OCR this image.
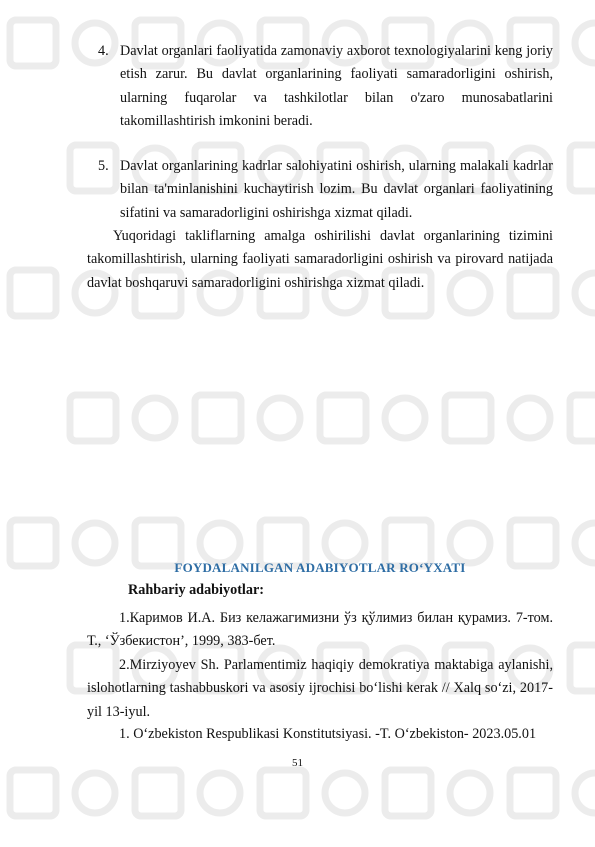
4. Davlat organlari faoliyatida zamonaviy axborot texnologiyalarini keng joriy etish zarur. Bu davlat organlarining faoliyati samaradorligini oshirish, ularning fuqarolar va tashkilotlar bilan o'zaro munosabatlarini takomillashtirish imkonini beradi.
5. Davlat organlarining kadrlar salohiyatini oshirish, ularning malakali kadrlar bilan ta'minlanishini kuchaytirish lozim. Bu davlat organlari faoliyatining sifatini va samaradorligini oshirishga xizmat qiladi.

Yuqoridagi takliflarning amalga oshirilishi davlat organlarining tizimini takomillashtirish, ularning faoliyati samaradorligini oshirish va pirovard natijada davlat boshqaruvi samaradorligini oshirishga xizmat qiladi.

FOYDALANILGAN ADABIYOTLAR RO‘YXATI
Rahbariy adabiyotlar:
1.Каримов И.А. Биз келажагимизни ўз қўлимиз билан қурамиз. 7-том. Т., ‘Ўзбекистон’, 1999, 383-бет.
2.Mirziyoyev Sh. Parlamentimiz haqiqiy demokratiya maktabiga aylanishi, islohotlarning tashabbuskori va asosiy ijrochisi bo‘lishi kerak // Xalq so‘zi, 2017-yil 13-iyul.
1. O‘zbekiston Respublikasi Konstitutsiyasi. -T. O‘zbekiston- 2023.05.01
51
